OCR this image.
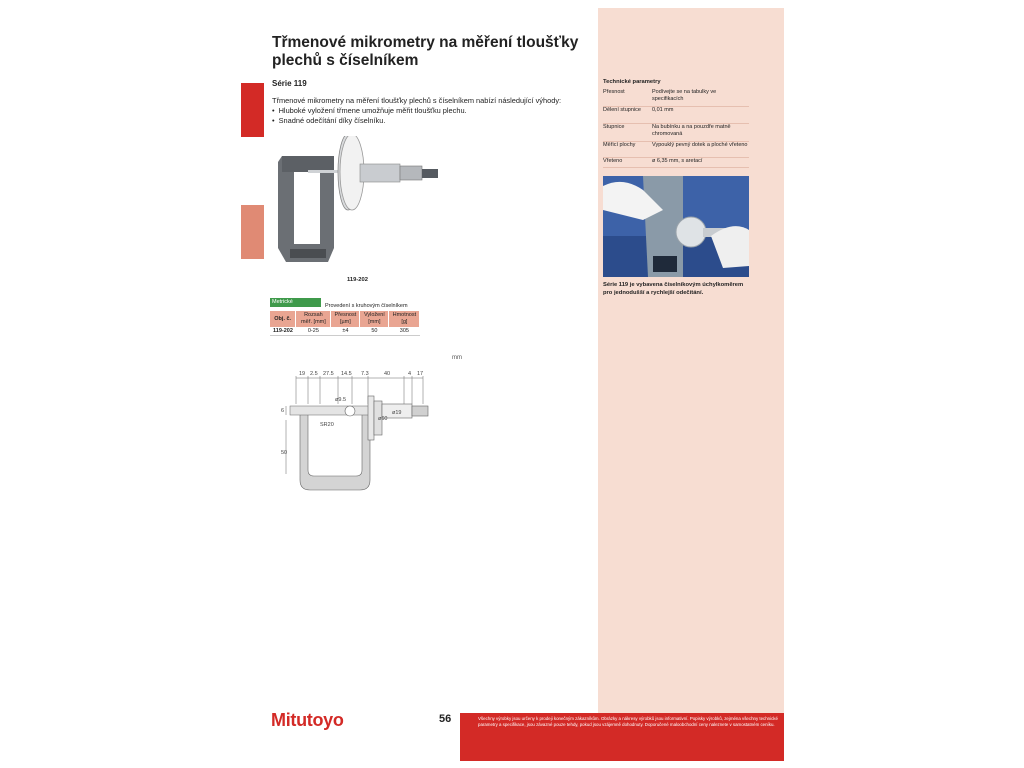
Třmenové mikrometry na měření tloušťky plechů s číselníkem
Série 119
Třmenové mikrometry na měření tloušťky plechů s číselníkem nabízí následující výhody:
• Hluboké vyložení třmene umožňuje měřit tloušťku plechu.
• Snadné odečítání díky číselníku.
119-202
Metrické
Provedení s kruhovým číselníkem
Obj. č.	Rozsah měř. [mm]	Přesnost [µm]	Vyložení [mm]	Hmotnost [g]
119-202	0-25	±4	50	305
mm
19 2.5 27.5 14.5 7.3	40	4 17
6
50
ø9.5
SR20
ø60
ø19
Technické parametry
Přesnost	Podívejte se na tabulky ve specifikacích
Dělení stupnice	0,01 mm
Stupnice	Na bubínku a na pouzdře matně chromovaná
Měřicí plochy	Vypouklý pevný dotek a ploché vřeteno
Vřeteno	ø 6,35 mm, s aretací
Série 119 je vybavena číselníkovým úchylkoměrem pro jednodušší a rychlejší odečítání.
Mitutoyo	56	Všechny výrobky jsou určeny k prodeji konečným zákazníkům. Obrázky a nákresy výrobků jsou informativní. Popisky výrobků, zejména všechny technické parametry a specifikace, jsou závazné pouze tehdy, pokud jsou vzájemně dohodnuty. Doporučené maloobchodní ceny naleznete v samostatném ceníku.
